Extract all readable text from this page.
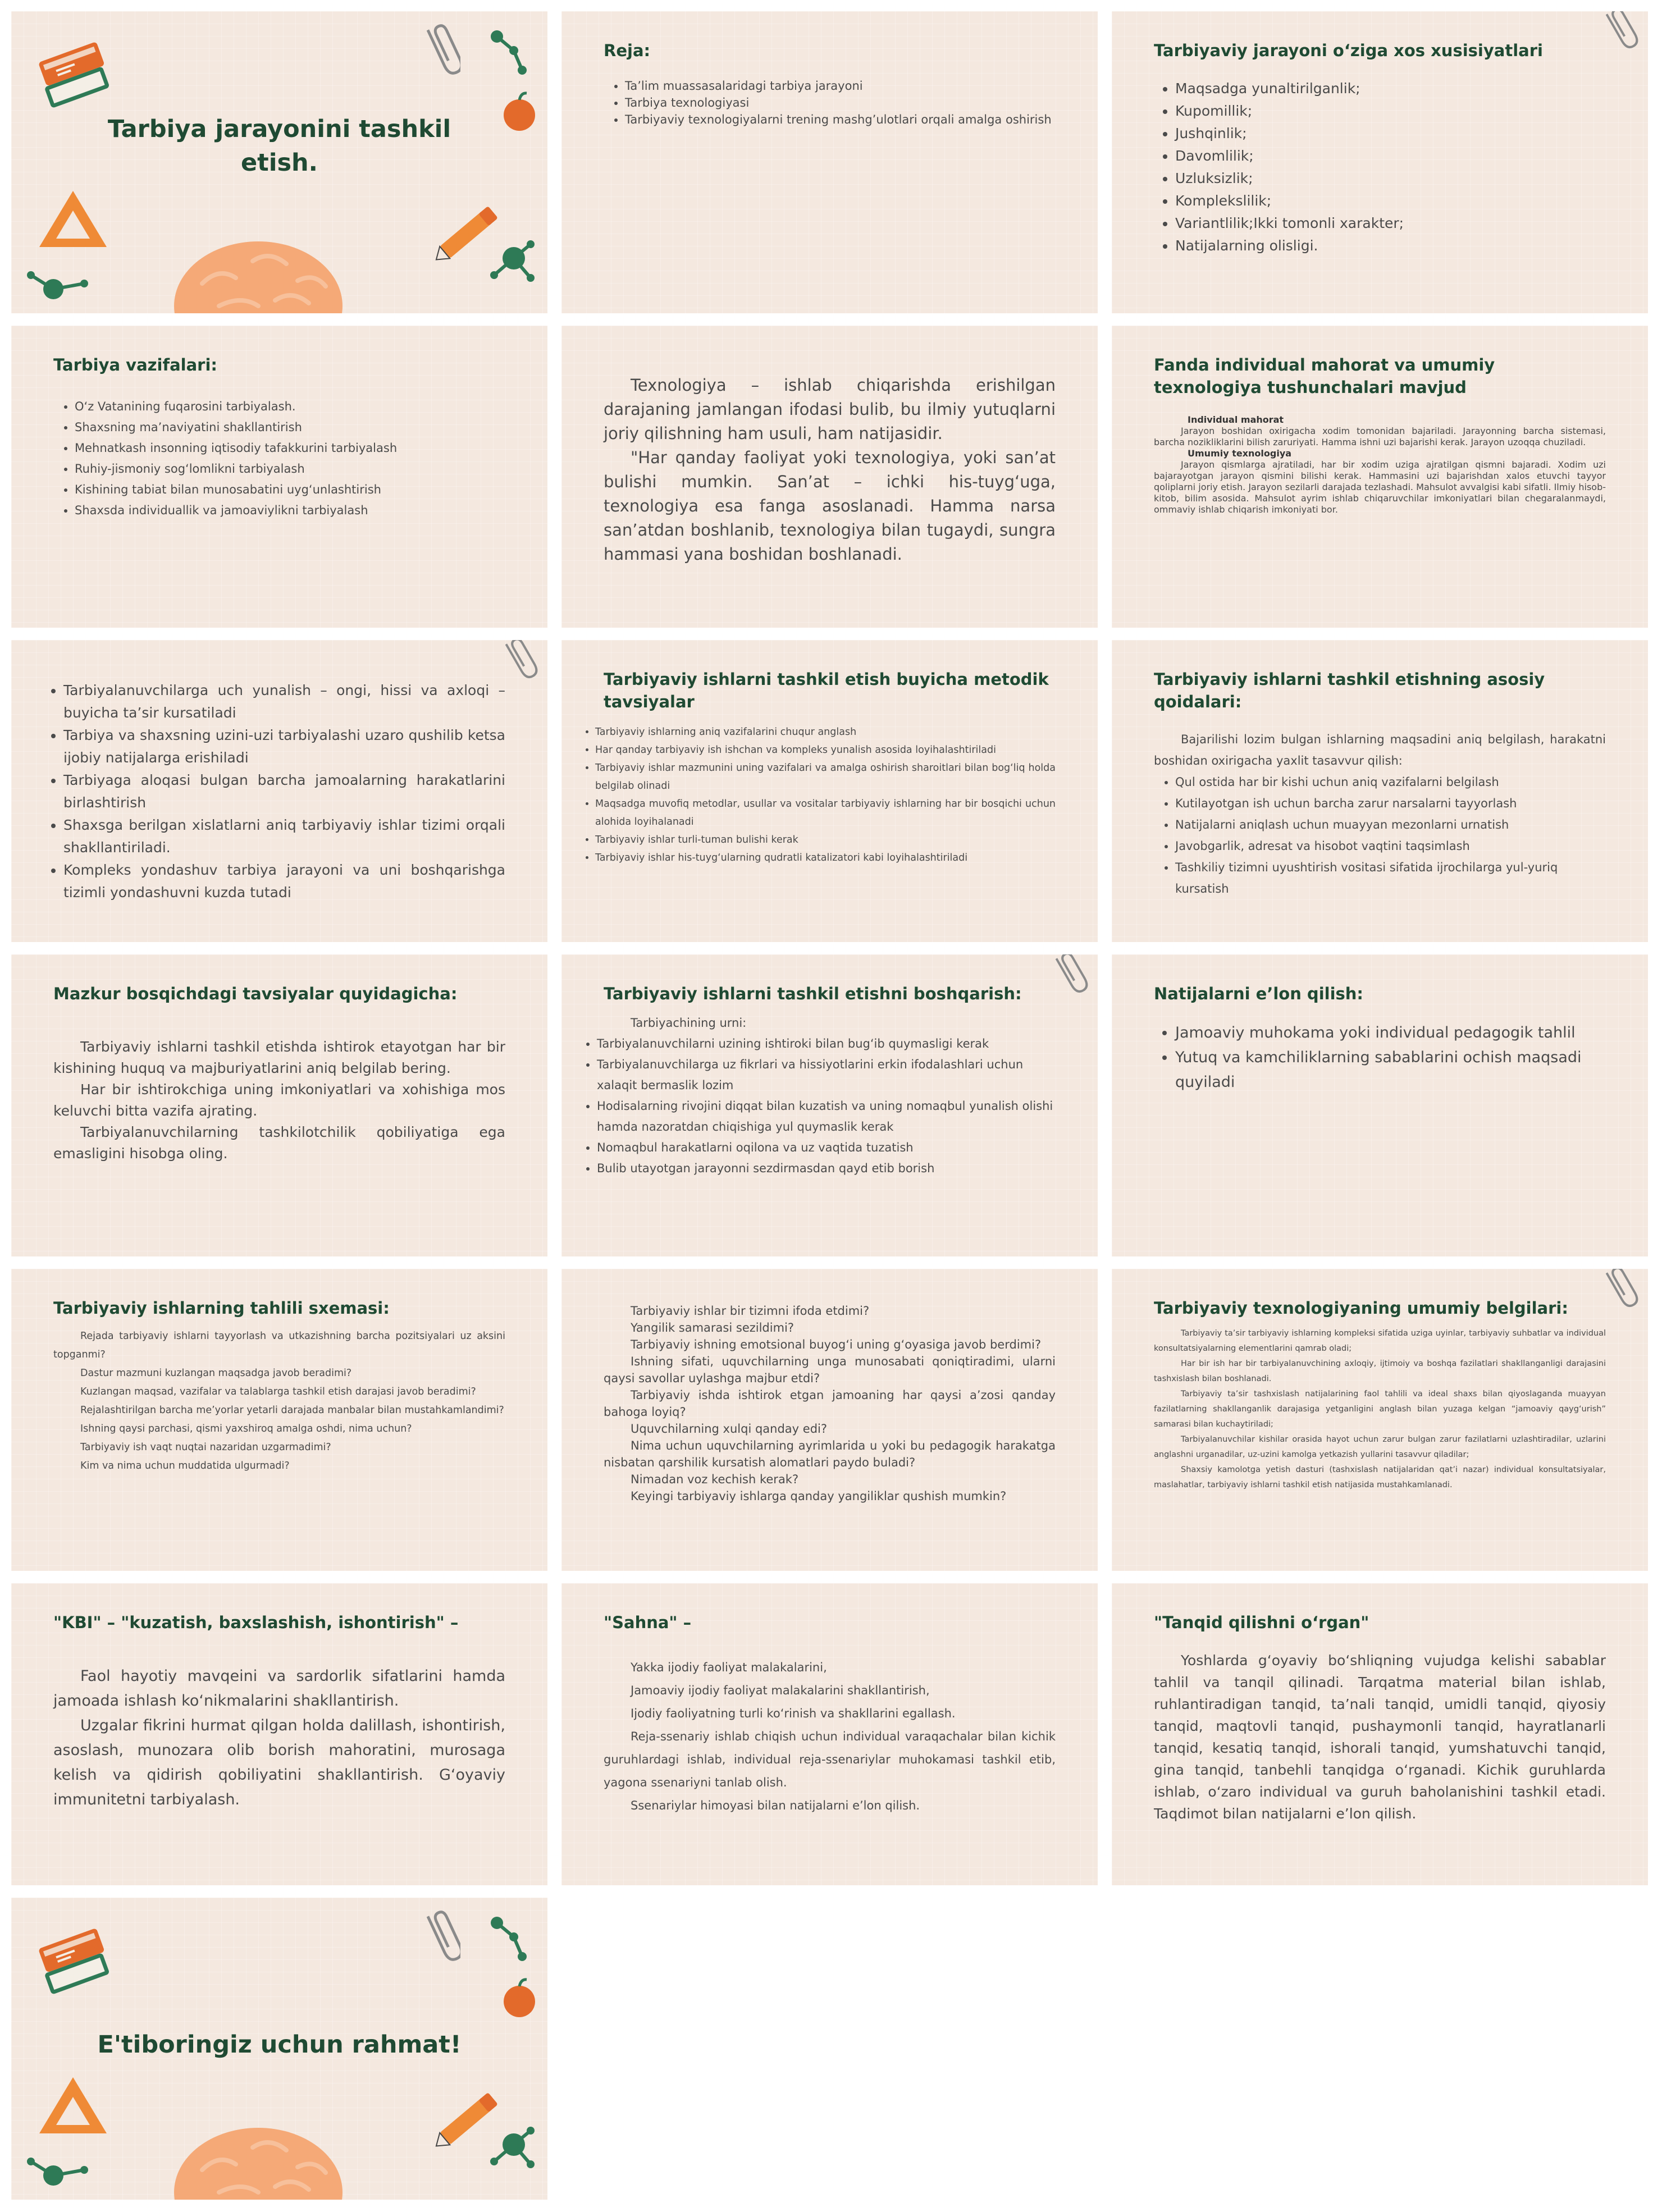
Tarbiya jarayonini tashkil etish.
Reja:
• Ta’lim muassasalaridagi tarbiya jarayoni
• Tarbiya texnologiyasi
• Tarbiyaviy texnologiyalarni trening mashg’ulotlari orqali amalga oshirish
Tarbiyaviy jarayoni o‘ziga xos xusisiyatlari
• Maqsadga yunaltirilganlik;
• Kupomillik;
• Jushqinlik;
• Davomlilik;
• Uzluksizlik;
• Komplekslilik;
• Variantlilik;Ikki tomonli xarakter;
• Natijalarning olisligi.
Tarbiya vazifalari:
• O‘z Vatanining fuqarosini tarbiyalash.
• Shaxsning ma’naviyatini shakllantirish
• Mehnatkash insonning iqtisodiy tafakkurini tarbiyalash
• Ruhiy-jismoniy sog‘lomlikni tarbiyalash
• Kishining tabiat bilan munosabatini uyg‘unlashtirish
• Shaxsda individuallik va jamoaviylikni tarbiyalash

Texnologiya – ishlab chiqarishda erishilgan darajaning jamlangan ifodasi bulib, bu ilmiy yutuqlarni joriy qilishning ham usuli, ham natijasidir.

"Har qanday faoliyat yoki texnologiya, yoki san’at bulishi mumkin. San’at – ichki his-tuyg‘uga, texnologiya esa fanga asoslanadi. Hamma narsa san’atdan boshlanib, texnologiya bilan tugaydi, sungra hammasi yana boshidan boshlanadi.

Fanda individual mahorat va umumiy texnologiya tushunchalari mavjud

Individual mahorat

Jarayon boshidan oxirigacha xodim tomonidan bajariladi. Jarayonning barcha sistemasi, barcha nozikliklarini bilish zaruriyati. Hamma ishni uzi bajarishi kerak. Jarayon uzoqqa chuziladi.

Umumiy texnologiya

Jarayon qismlarga ajratiladi, har bir xodim uziga ajratilgan qismni bajaradi. Xodim uzi bajarayotgan jarayon qismini bilishi kerak. Hammasini uzi bajarishdan xalos etuvchi tayyor qoliplarni joriy etish. Jarayon sezilarli darajada tezlashadi. Mahsulot avvalgisi kabi sifatli. Ilmiy hisob-kitob, bilim asosida. Mahsulot ayrim ishlab chiqaruvchilar imkoniyatlari bilan chegaralanmaydi, ommaviy ishlab chiqarish imkoniyati bor.

• Tarbiyalanuvchilarga uch yunalish – ongi, hissi va axloqi – buyicha ta’sir kursatiladi
• Tarbiya va shaxsning uzini-uzi tarbiyalashi uzaro qushilib ketsa ijobiy natijalarga erishiladi
• Tarbiyaga aloqasi bulgan barcha jamoalarning harakatlarini birlashtirish
• Shaxsga berilgan xislatlarni aniq tarbiyaviy ishlar tizimi orqali shakllantiriladi.
• Kompleks yondashuv tarbiya jarayoni va uni boshqarishga tizimli yondashuvni kuzda tutadi
Tarbiyaviy ishlarni tashkil etish buyicha metodik tavsiyalar
• Tarbiyaviy ishlarning aniq vazifalarini chuqur anglash
• Har qanday tarbiyaviy ish ishchan va kompleks yunalish asosida loyihalashtiriladi
• Tarbiyaviy ishlar mazmunini uning vazifalari va amalga oshirish sharoitlari bilan bog‘liq holda belgilab olinadi
• Maqsadga muvofiq metodlar, usullar va vositalar tarbiyaviy ishlarning har bir bosqichi uchun alohida loyihalanadi
• Tarbiyaviy ishlar turli-tuman bulishi kerak
• Tarbiyaviy ishlar his-tuyg‘ularning qudratli katalizatori kabi loyihalashtiriladi
Tarbiyaviy ishlarni tashkil etishning asosiy qoidalari:

Bajarilishi lozim bulgan ishlarning maqsadini aniq belgilash, harakatni boshidan oxirigacha yaxlit tasavvur qilish:

• Qul ostida har bir kishi uchun aniq vazifalarni belgilash
• Kutilayotgan ish uchun barcha zarur narsalarni tayyorlash
• Natijalarni aniqlash uchun muayyan mezonlarni urnatish
• Javobgarlik, adresat va hisobot vaqtini taqsimlash
• Tashkiliy tizimni uyushtirish vositasi sifatida ijrochilarga yul-yuriq kursatish
Mazkur bosqichdagi tavsiyalar quyidagicha:

Tarbiyaviy ishlarni tashkil etishda ishtirok etayotgan har bir kishining huquq va majburiyatlarini aniq belgilab bering.

Har bir ishtirokchiga uning imkoniyatlari va xohishiga mos keluvchi bitta vazifa ajrating.

Tarbiyalanuvchilarning tashkilotchilik qobiliyatiga ega emasligini hisobga oling.

Tarbiyaviy ishlarni tashkil etishni boshqarish:

Tarbiyachining urni:

• Tarbiyalanuvchilarni uzining ishtiroki bilan bug‘ib quymasligi kerak
• Tarbiyalanuvchilarga uz fikrlari va hissiyotlarini erkin ifodalashlari uchun xalaqit bermaslik lozim
• Hodisalarning rivojini diqqat bilan kuzatish va uning nomaqbul yunalish olishi hamda nazoratdan chiqishiga yul quymaslik kerak
• Nomaqbul harakatlarni oqilona va uz vaqtida tuzatish
• Bulib utayotgan jarayonni sezdirmasdan qayd etib borish
Natijalarni e’lon qilish:
• Jamoaviy muhokama yoki individual pedagogik tahlil
• Yutuq va kamchiliklarning sabablarini ochish maqsadi quyiladi
Tarbiyaviy ishlarning tahlili sxemasi:

Rejada tarbiyaviy ishlarni tayyorlash va utkazishning barcha pozitsiyalari uz aksini topganmi?

Dastur mazmuni kuzlangan maqsadga javob beradimi?

Kuzlangan maqsad, vazifalar va talablarga tashkil etish darajasi javob beradimi?

Rejalashtirilgan barcha me’yorlar yetarli darajada manbalar bilan mustahkamlandimi?

Ishning qaysi parchasi, qismi yaxshiroq amalga oshdi, nima uchun?

Tarbiyaviy ish vaqt nuqtai nazaridan uzgarmadimi?

Kim va nima uchun muddatida ulgurmadi?

Tarbiyaviy ishlar bir tizimni ifoda etdimi?

Yangilik samarasi sezildimi?

Tarbiyaviy ishning emotsional buyog‘i uning g‘oyasiga javob berdimi?

Ishning sifati, uquvchilarning unga munosabati qoniqtiradimi, ularni qaysi savollar uylashga majbur etdi?

Tarbiyaviy ishda ishtirok etgan jamoaning har qaysi a’zosi qanday bahoga loyiq?

Uquvchilarning xulqi qanday edi?

Nima uchun uquvchilarning ayrimlarida u yoki bu pedagogik harakatga nisbatan qarshilik kursatish alomatlari paydo buladi?

Nimadan voz kechish kerak?

Keyingi tarbiyaviy ishlarga qanday yangiliklar qushish mumkin?

Tarbiyaviy texnologiyaning umumiy belgilari:

Tarbiyaviy ta’sir tarbiyaviy ishlarning kompleksi sifatida uziga uyinlar, tarbiyaviy suhbatlar va individual konsultatsiyalarning elementlarini qamrab oladi;

Har bir ish har bir tarbiyalanuvchining axloqiy, ijtimoiy va boshqa fazilatlari shakllanganligi darajasini tashxislash bilan boshlanadi.

Tarbiyaviy ta’sir tashxislash natijalarining faol tahlili va ideal shaxs bilan qiyoslaganda muayyan fazilatlarning shakllanganlik darajasiga yetganligini anglash bilan yuzaga kelgan “jamoaviy qayg‘urish” samarasi bilan kuchaytiriladi;

Tarbiyalanuvchilar kishilar orasida hayot uchun zarur bulgan zarur fazilatlarni uzlashtiradilar, uzlarini anglashni urganadilar, uz-uzini kamolga yetkazish yullarini tasavvur qiladilar;

Shaxsiy kamolotga yetish dasturi (tashxislash natijalaridan qat’i nazar) individual konsultatsiyalar, maslahatlar, tarbiyaviy ishlarni tashkil etish natijasida mustahkamlanadi.

"KBI" – "kuzatish, baxslashish, ishontirish" –

Faol hayotiy mavqeini va sardorlik sifatlarini hamda jamoada ishlash ko‘nikmalarini shakllantirish.

Uzgalar fikrini hurmat qilgan holda dalillash, ishontirish, asoslash, munozara olib borish mahoratini, murosaga kelish va qidirish qobiliyatini shakllantirish. G‘oyaviy immunitetni tarbiyalash.

"Sahna" –

Yakka ijodiy faoliyat malakalarini,

Jamoaviy ijodiy faoliyat malakalarini shakllantirish,

Ijodiy faoliyatning turli ko‘rinish va shakllarini egallash.

Reja-ssenariy ishlab chiqish uchun individual varaqachalar bilan kichik guruhlardagi ishlab, individual reja-ssenariylar muhokamasi tashkil etib, yagona ssenariyni tanlab olish.

Ssenariylar himoyasi bilan natijalarni e’lon qilish.

"Tanqid qilishni o‘rgan"

Yoshlarda g‘oyaviy bo‘shliqning vujudga kelishi sabablar tahlil va tanqil qilinadi. Tarqatma material bilan ishlab, ruhlantiradigan tanqid, ta’nali tanqid, umidli tanqid, qiyosiy tanqid, maqtovli tanqid, pushaymonli tanqid, hayratlanarli tanqid, kesatiq tanqid, ishorali tanqid, yumshatuvchi tanqid, gina tanqid, tanbehli tanqidga o‘rganadi. Kichik guruhlarda ishlab, o‘zaro individual va guruh baholanishini tashkil etadi. Taqdimot bilan natijalarni e’lon qilish.

E'tiboringiz uchun rahmat!
